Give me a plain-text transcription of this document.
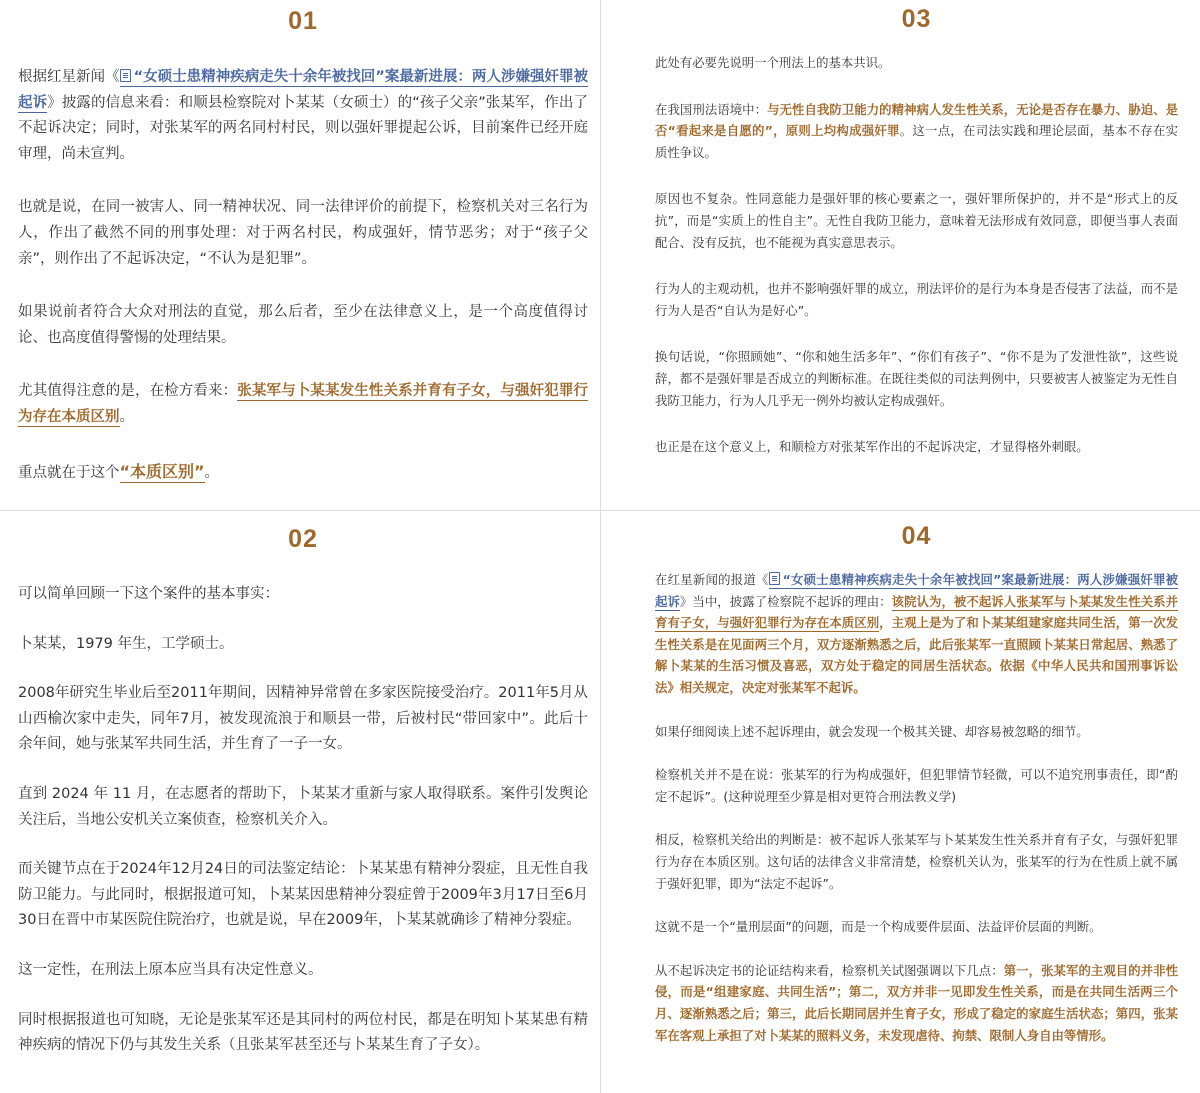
01

根据红星新闻《 “女硕士患精神疾病走失十余年被找回”案最新进展：两人涉嫌强奸罪被起诉》披露的信息来看：和顺县检察院对卜某某（女硕士）的“孩子父亲”张某军，作出了不起诉决定；同时，对张某军的两名同村村民，则以强奸罪提起公诉，目前案件已经开庭审理，尚未宣判。

也就是说，在同一被害人、同一精神状况、同一法律评价的前提下，检察机关对三名行为人，作出了截然不同的刑事处理：对于两名村民，构成强奸，情节恶劣；对于“孩子父亲”，则作出了不起诉决定，“不认为是犯罪”。

如果说前者符合大众对刑法的直觉，那么后者，至少在法律意义上，是一个高度值得讨论、也高度值得警惕的处理结果。

尤其值得注意的是，在检方看来：张某军与卜某某发生性关系并育有子女，与强奸犯罪行为存在本质区别。

重点就在于这个“本质区别”。

03

此处有必要先说明一个刑法上的基本共识。

在我国刑法语境中：与无性自我防卫能力的精神病人发生性关系，无论是否存在暴力、胁迫、是否“看起来是自愿的”，原则上均构成强奸罪。这一点，在司法实践和理论层面，基本不存在实质性争议。

原因也不复杂。性同意能力是强奸罪的核心要素之一，强奸罪所保护的，并不是“形式上的反抗”，而是“实质上的性自主”。无性自我防卫能力，意味着无法形成有效同意，即便当事人表面配合、没有反抗，也不能视为真实意思表示。

行为人的主观动机，也并不影响强奸罪的成立，刑法评价的是行为本身是否侵害了法益，而不是行为人是否“自认为是好心”。

换句话说，“你照顾她”、“你和她生活多年”、“你们有孩子”、“你不是为了发泄性欲”，这些说辞，都不是强奸罪是否成立的判断标准。在既往类似的司法判例中，只要被害人被鉴定为无性自我防卫能力，行为人几乎无一例外均被认定构成强奸。

也正是在这个意义上，和顺检方对张某军作出的不起诉决定，才显得格外刺眼。

02

可以简单回顾一下这个案件的基本事实：

卜某某，1979 年生，工学硕士。

2008年研究生毕业后至2011年期间，因精神异常曾在多家医院接受治疗。2011年5月从山西榆次家中走失，同年7月，被发现流浪于和顺县一带，后被村民“带回家中”。此后十余年间，她与张某军共同生活，并生育了一子一女。

直到 2024 年 11 月，在志愿者的帮助下，卜某某才重新与家人取得联系。案件引发舆论关注后，当地公安机关立案侦查，检察机关介入。

而关键节点在于2024年12月24日的司法鉴定结论：卜某某患有精神分裂症，且无性自我防卫能力。与此同时，根据报道可知，卜某某因患精神分裂症曾于2009年3月17日至6月30日在晋中市某医院住院治疗，也就是说，早在2009年，卜某某就确诊了精神分裂症。

这一定性，在刑法上原本应当具有决定性意义。

同时根据报道也可知晓，无论是张某军还是其同村的两位村民，都是在明知卜某某患有精神疾病的情况下仍与其发生关系（且张某军甚至还与卜某某生育了子女）。

04

在红星新闻的报道《 “女硕士患精神疾病走失十余年被找回”案最新进展：两人涉嫌强奸罪被起诉》当中，披露了检察院不起诉的理由：该院认为，被不起诉人张某军与卜某某发生性关系并育有子女，与强奸犯罪行为存在本质区别，主观上是为了和卜某某组建家庭共同生活，第一次发生性关系是在见面两三个月，双方逐渐熟悉之后，此后张某军一直照顾卜某某日常起居、熟悉了解卜某某的生活习惯及喜恶，双方处于稳定的同居生活状态。依据《中华人民共和国刑事诉讼法》相关规定，决定对张某军不起诉。

如果仔细阅读上述不起诉理由，就会发现一个极其关键、却容易被忽略的细节。

检察机关并不是在说：张某军的行为构成强奸，但犯罪情节轻微，可以不追究刑事责任，即“酌定不起诉”。(这种说理至少算是相对更符合刑法教义学)

相反，检察机关给出的判断是：被不起诉人张某军与卜某某发生性关系并育有子女，与强奸犯罪行为存在本质区别。这句话的法律含义非常清楚，检察机关认为，张某军的行为在性质上就不属于强奸犯罪，即为“法定不起诉”。

这就不是一个“量刑层面”的问题，而是一个构成要件层面、法益评价层面的判断。

从不起诉决定书的论证结构来看，检察机关试图强调以下几点：第一，张某军的主观目的并非性侵，而是“组建家庭、共同生活”；第二，双方并非一见即发生性关系，而是在共同生活两三个月、逐渐熟悉之后；第三，此后长期同居并生育子女，形成了稳定的家庭生活状态；第四，张某军在客观上承担了对卜某某的照料义务，未发现虐待、拘禁、限制人身自由等情形。
